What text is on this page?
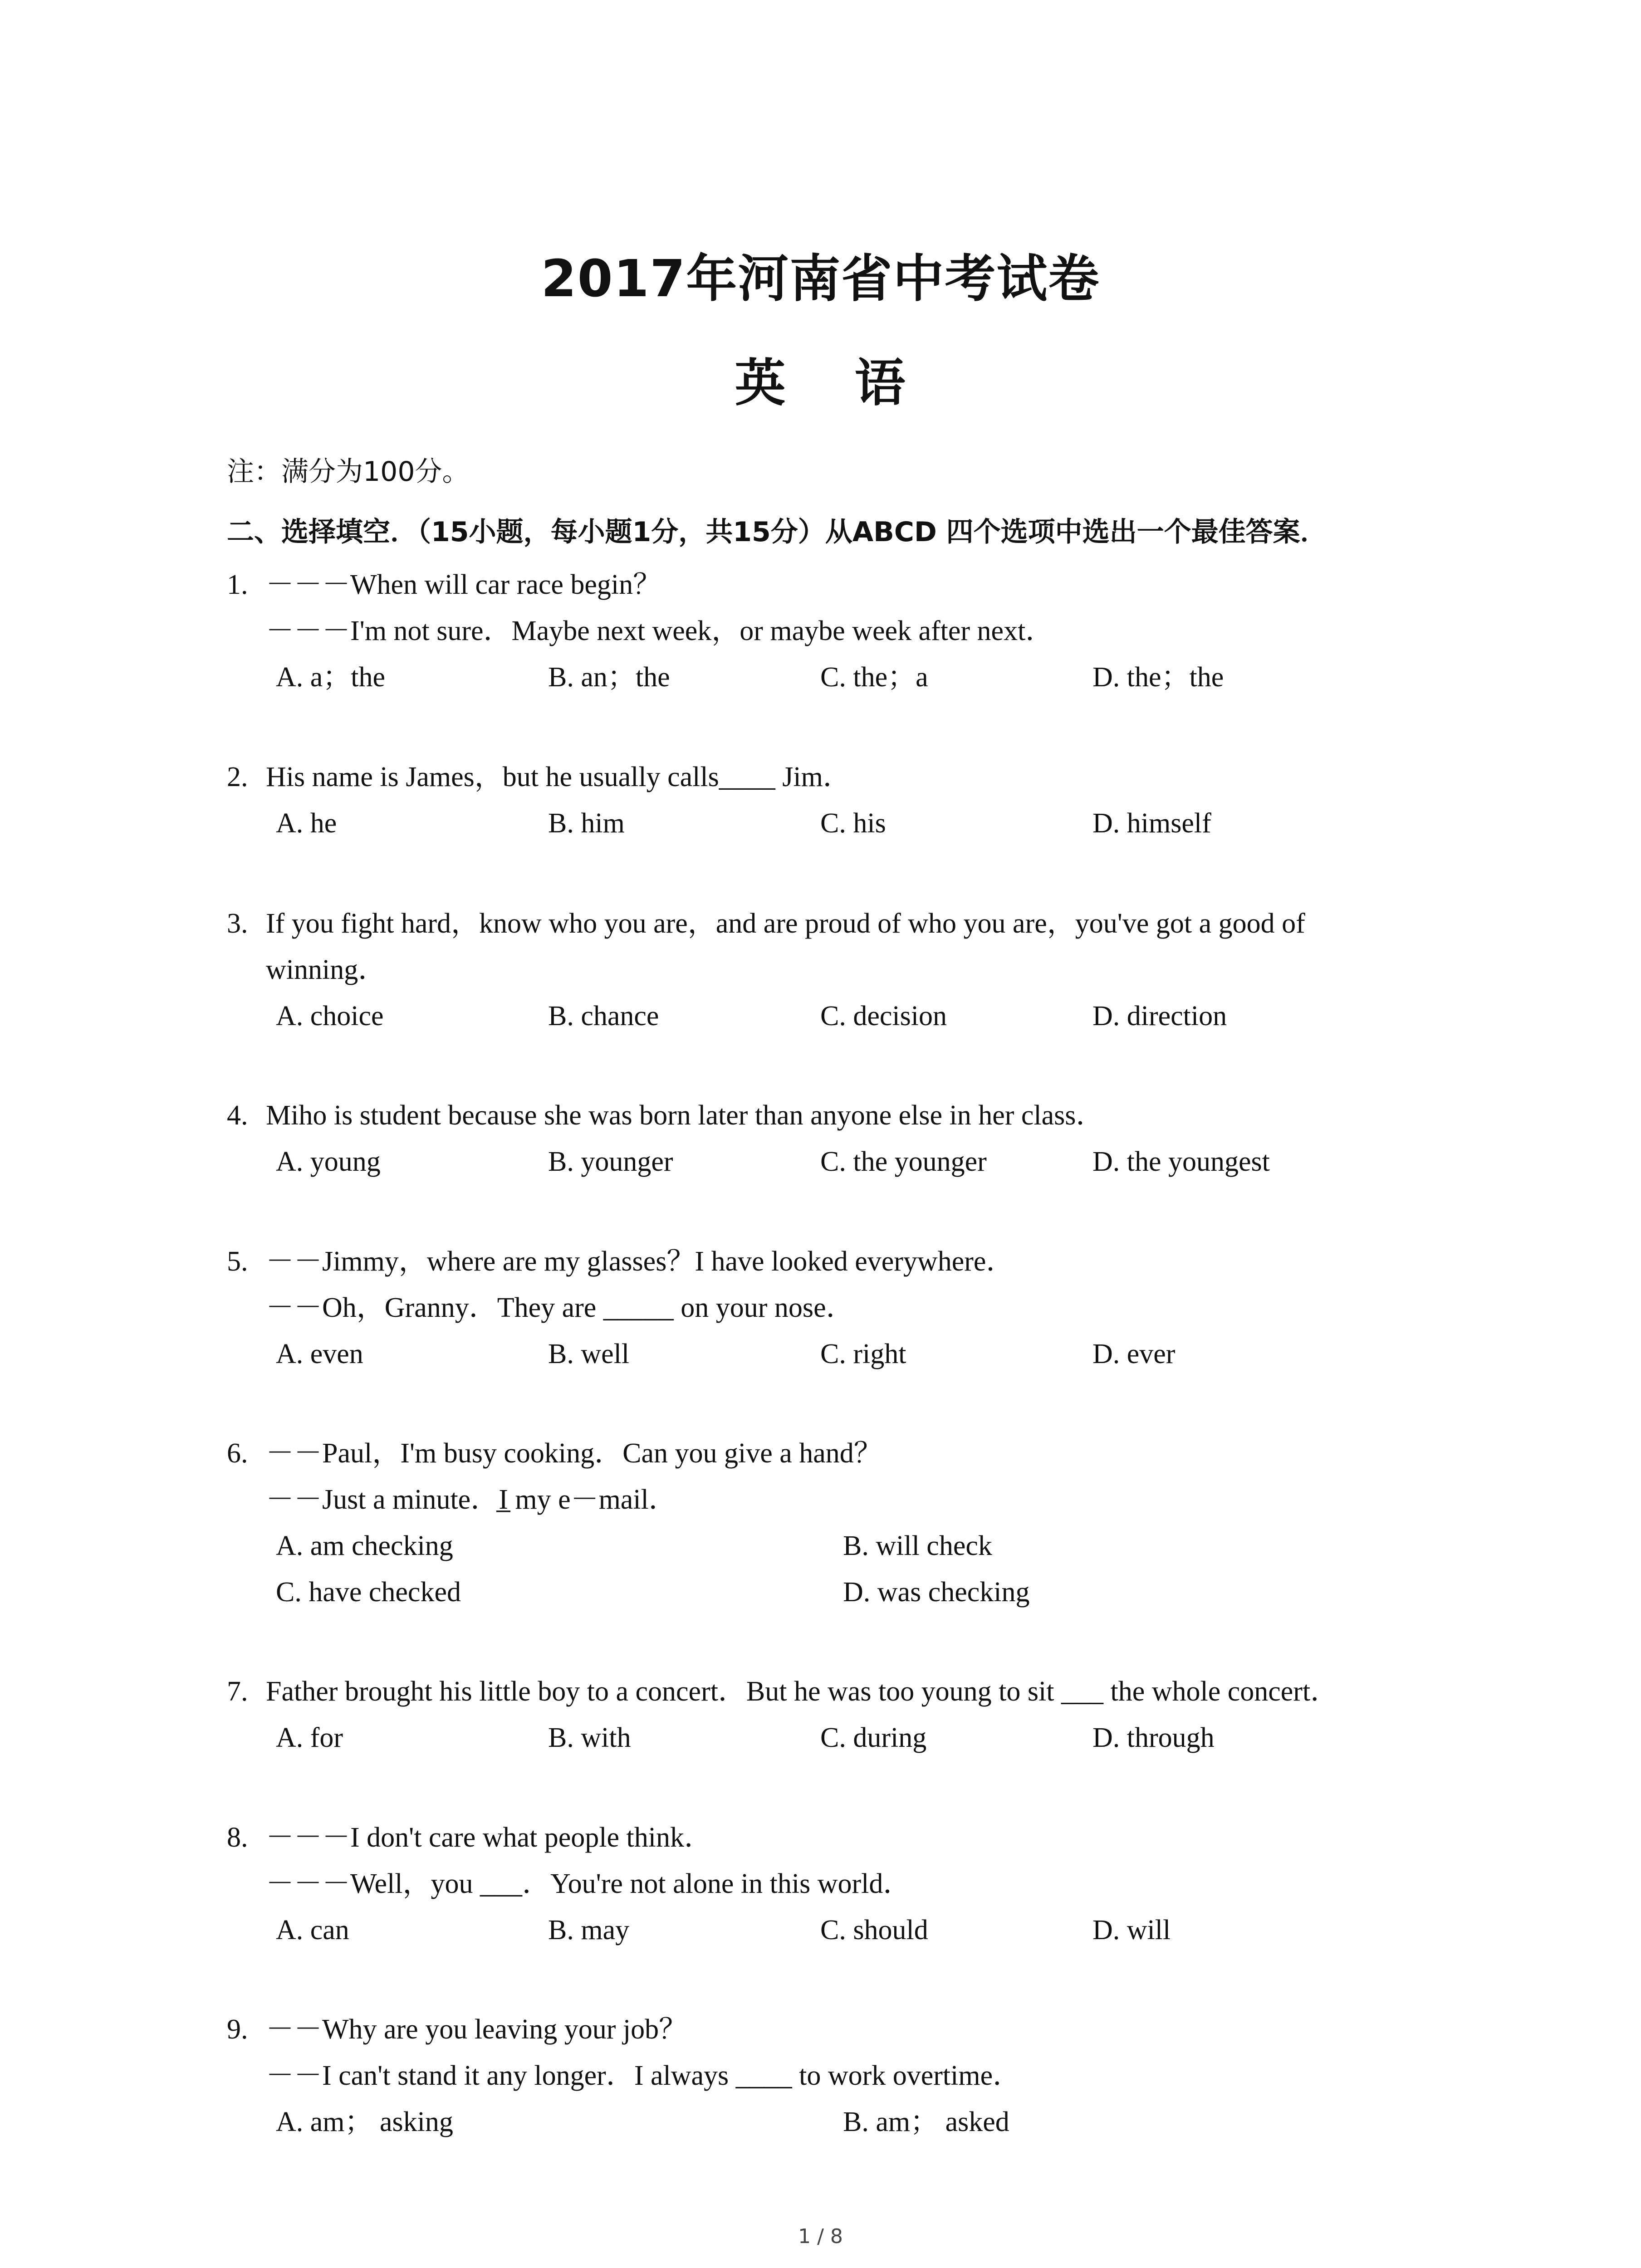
2017年河南省中考试卷
英 语
注：满分为100分。
二、选择填空．（15小题，每小题1分，共15分）从ABCD 四个选项中选出一个最佳答案．
1. －－－When will car race begin？
－－－I'm not sure．Maybe next week，or maybe week after next．
A. a；the	B. an；the	C. the；a	D. the；the
2. His name is James，but he usually calls____ Jim．
A. he	B. him	C. his	D. himself
3. If you fight hard，know who you are，and are proud of who you are，you've got a good of
winning．
A. choice	B. chance	C. decision	D. direction
4. Miho is student because she was born later than anyone else in her class．
A. young	B. younger	C. the younger	D. the youngest
5. －－Jimmy，where are my glasses？I have looked everywhere．
－－Oh，Granny．They are _____ on your nose．
A. even	B. well	C. right	D. ever
6. －－Paul，I'm busy cooking．Can you give a hand？
－－Just a minute．I̲ my e－mail．
A. am checking	B. will check
C. have checked	D. was checking
7. Father brought his little boy to a concert．But he was too young to sit ___ the whole concert．
A. for	B. with	C. during	D. through
8. －－－I don't care what people think．
－－－Well，you ___．You're not alone in this world．
A. can	B. may	C. should	D. will
9. －－Why are you leaving your job？
－－I can't stand it any longer．I always ____ to work overtime．
A. am； asking	B. am； asked
1 / 8
